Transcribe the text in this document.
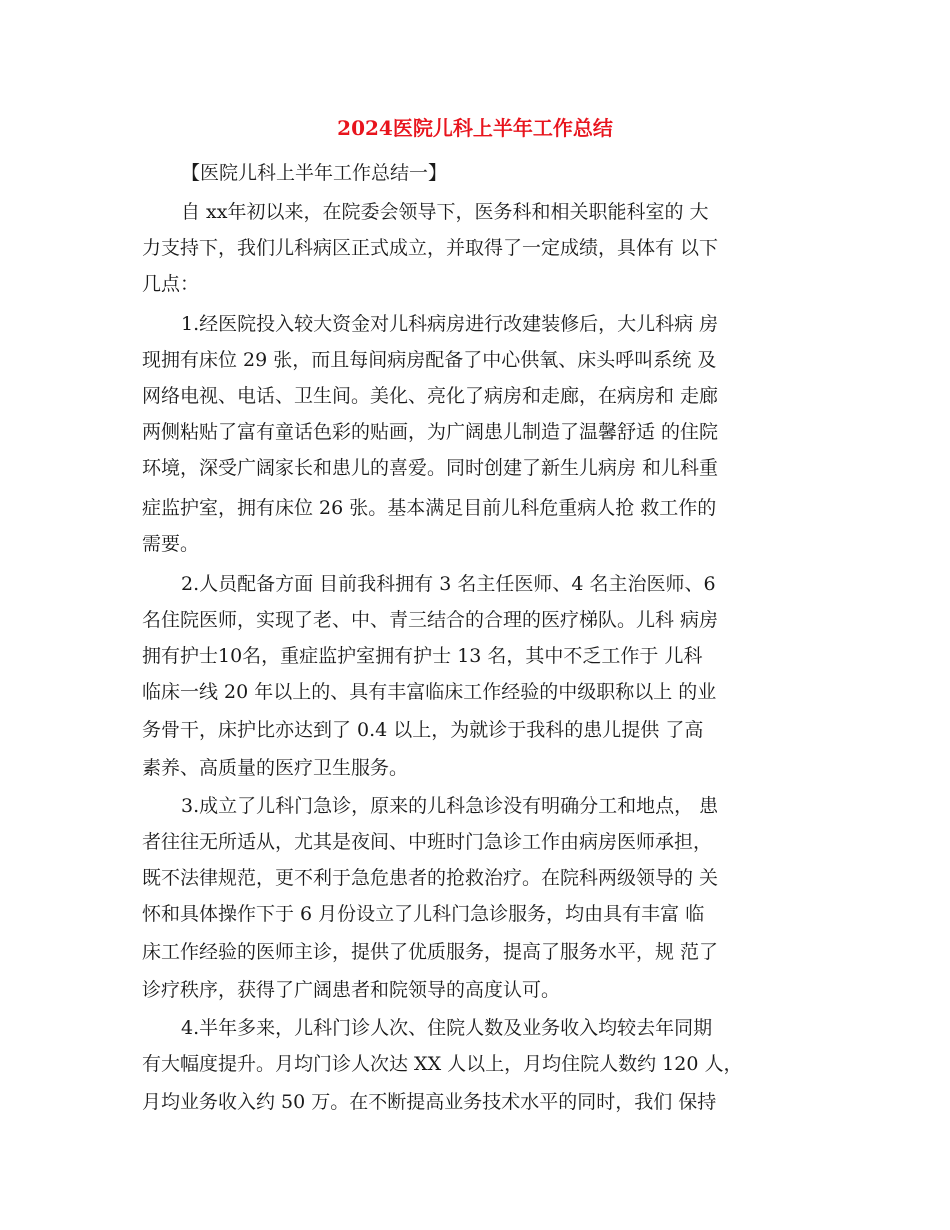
2024医院儿科上半年工作总结
【医院儿科上半年工作总结一】
自 xx年初以来，在院委会领导下，医务科和相关职能科室的 大
力支持下，我们儿科病区正式成立，并取得了一定成绩，具体有 以下
几点：
1.经医院投入较大资金对儿科病房进行改建装修后，大儿科病 房
现拥有床位 29 张，而且每间病房配备了中心供氧、床头呼叫系统 及
网络电视、电话、卫生间。美化、亮化了病房和走廊，在病房和 走廊
两侧粘贴了富有童话色彩的贴画，为广阔患儿制造了温馨舒适 的住院
环境，深受广阔家长和患儿的喜爱。同时创建了新生儿病房 和儿科重
症监护室，拥有床位 26 张。基本满足目前儿科危重病人抢 救工作的
需要。
2.人员配备方面 目前我科拥有 3 名主任医师、4 名主治医师、6
名住院医师，实现了老、中、青三结合的合理的医疗梯队。儿科 病房
拥有护士10名，重症监护室拥有护士 13 名，其中不乏工作于 儿科
临床一线 20 年以上的、具有丰富临床工作经验的中级职称以上 的业
务骨干，床护比亦达到了 0.4 以上，为就诊于我科的患儿提供 了高
素养、高质量的医疗卫生服务。
3.成立了儿科门急诊，原来的儿科急诊没有明确分工和地点， 患
者往往无所适从，尤其是夜间、中班时门急诊工作由病房医师承担，
既不法律规范，更不利于急危患者的抢救治疗。在院科两级领导的 关
怀和具体操作下于 6 月份设立了儿科门急诊服务，均由具有丰富 临
床工作经验的医师主诊，提供了优质服务，提高了服务水平，规 范了
诊疗秩序，获得了广阔患者和院领导的高度认可。
4.半年多来，儿科门诊人次、住院人数及业务收入均较去年同期
有大幅度提升。月均门诊人次达 XX 人以上，月均住院人数约 120 人，
月均业务收入约 50 万。在不断提高业务技术水平的同时，我们 保持
